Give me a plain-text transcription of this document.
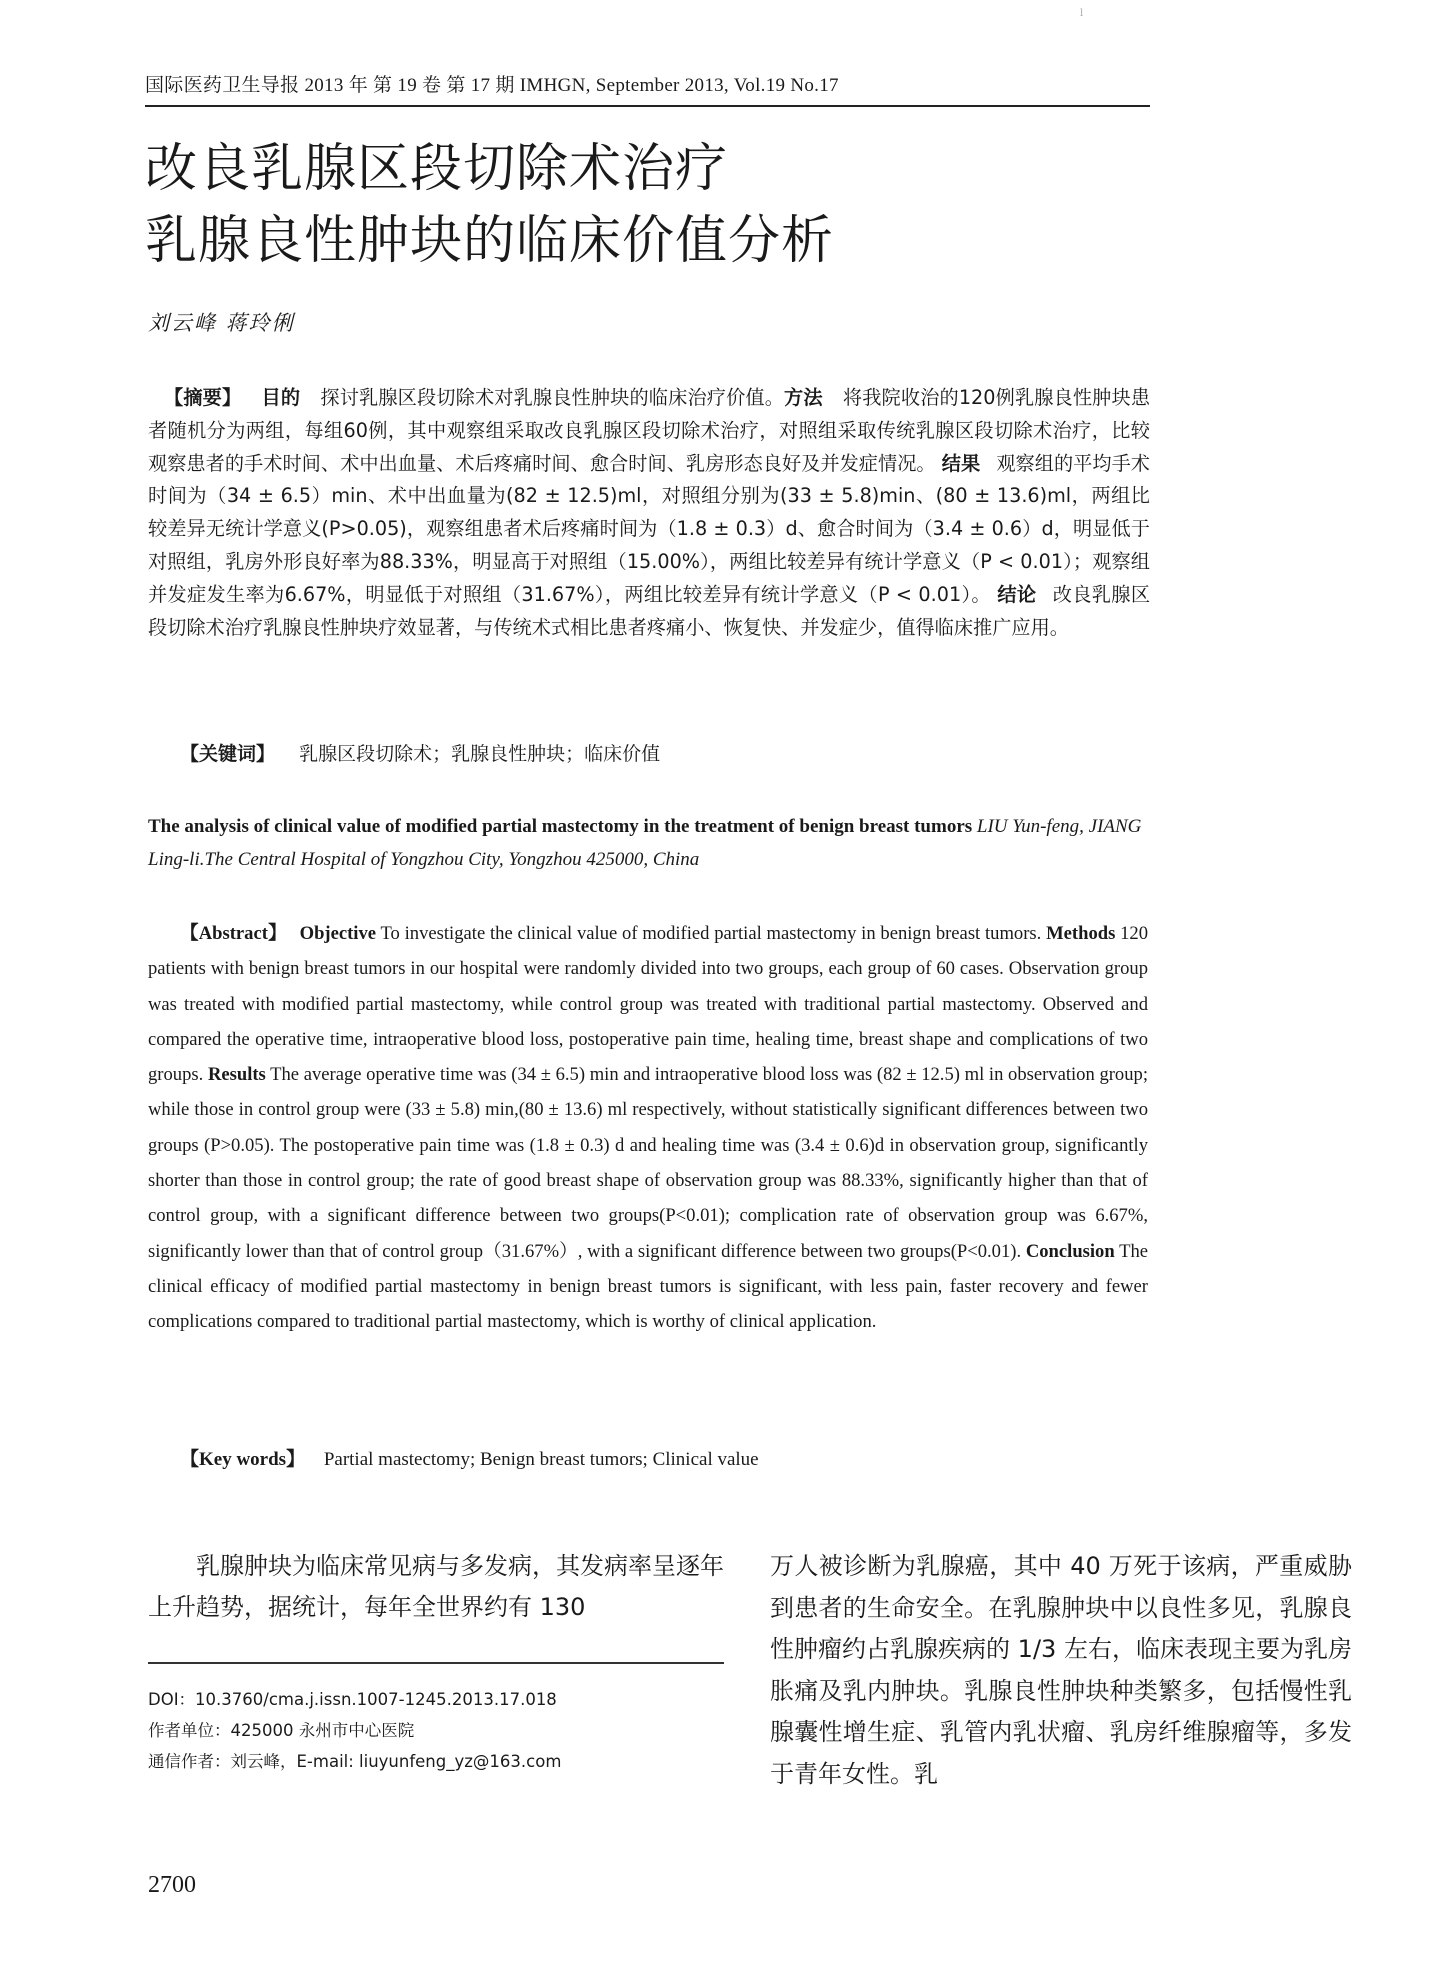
ⅼ
国际医药卫生导报 2013 年 第 19 卷 第 17 期 IMHGN, September 2013, Vol.19 No.17
改良乳腺区段切除术治疗
乳腺良性肿块的临床价值分析
刘云峰 蒋玲俐
【摘要】 目的 探讨乳腺区段切除术对乳腺良性肿块的临床治疗价值。方法 将我院收治的120例乳腺良性肿块患者随机分为两组，每组60例，其中观察组采取改良乳腺区段切除术治疗，对照组采取传统乳腺区段切除术治疗，比较观察患者的手术时间、术中出血量、术后疼痛时间、愈合时间、乳房形态良好及并发症情况。 结果 观察组的平均手术时间为（34 ± 6.5）min、术中出血量为(82 ± 12.5)ml，对照组分别为(33 ± 5.8)min、(80 ± 13.6)ml，两组比较差异无统计学意义(P>0.05)，观察组患者术后疼痛时间为（1.8 ± 0.3）d、愈合时间为（3.4 ± 0.6）d，明显低于对照组，乳房外形良好率为88.33%，明显高于对照组（15.00%），两组比较差异有统计学意义（P < 0.01）；观察组并发症发生率为6.67%，明显低于对照组（31.67%），两组比较差异有统计学意义（P < 0.01）。 结论 改良乳腺区段切除术治疗乳腺良性肿块疗效显著，与传统术式相比患者疼痛小、恢复快、并发症少，值得临床推广应用。
【关键词】 乳腺区段切除术；乳腺良性肿块；临床价值
The analysis of clinical value of modified partial mastectomy in the treatment of benign breast tumors LIU Yun-feng, JIANG Ling-li.The Central Hospital of Yongzhou City, Yongzhou 425000, China
【Abstract】 Objective To investigate the clinical value of modified partial mastectomy in benign breast tumors. Methods 120 patients with benign breast tumors in our hospital were randomly divided into two groups, each group of 60 cases. Observation group was treated with modified partial mastectomy, while control group was treated with traditional partial mastectomy. Observed and compared the operative time, intraoperative blood loss, postoperative pain time, healing time, breast shape and complications of two groups. Results The average operative time was (34 ± 6.5) min and intraoperative blood loss was (82 ± 12.5) ml in observation group; while those in control group were (33 ± 5.8) min,(80 ± 13.6) ml respectively, without statistically significant differences between two groups (P>0.05). The postoperative pain time was (1.8 ± 0.3) d and healing time was (3.4 ± 0.6)d in observation group, significantly shorter than those in control group; the rate of good breast shape of observation group was 88.33%, significantly higher than that of control group, with a significant difference between two groups(P<0.01); complication rate of observation group was 6.67%, significantly lower than that of control group（31.67%）, with a significant difference between two groups(P<0.01). Conclusion The clinical efficacy of modified partial mastectomy in benign breast tumors is significant, with less pain, faster recovery and fewer complications compared to traditional partial mastectomy, which is worthy of clinical application.
【Key words】 Partial mastectomy; Benign breast tumors; Clinical value
乳腺肿块为临床常见病与多发病，其发病率呈逐年上升趋势，据统计，每年全世界约有 130
万人被诊断为乳腺癌，其中 40 万死于该病，严重威胁到患者的生命安全。在乳腺肿块中以良性多见，乳腺良性肿瘤约占乳腺疾病的 1/3 左右，临床表现主要为乳房胀痛及乳内肿块。乳腺良性肿块种类繁多，包括慢性乳腺囊性增生症、乳管内乳状瘤、乳房纤维腺瘤等，多发于青年女性。乳
DOI：10.3760/cma.j.issn.1007-1245.2013.17.018
作者单位：425000 永州市中心医院
通信作者：刘云峰，E-mail: liuyunfeng_yz@163.com
2700
